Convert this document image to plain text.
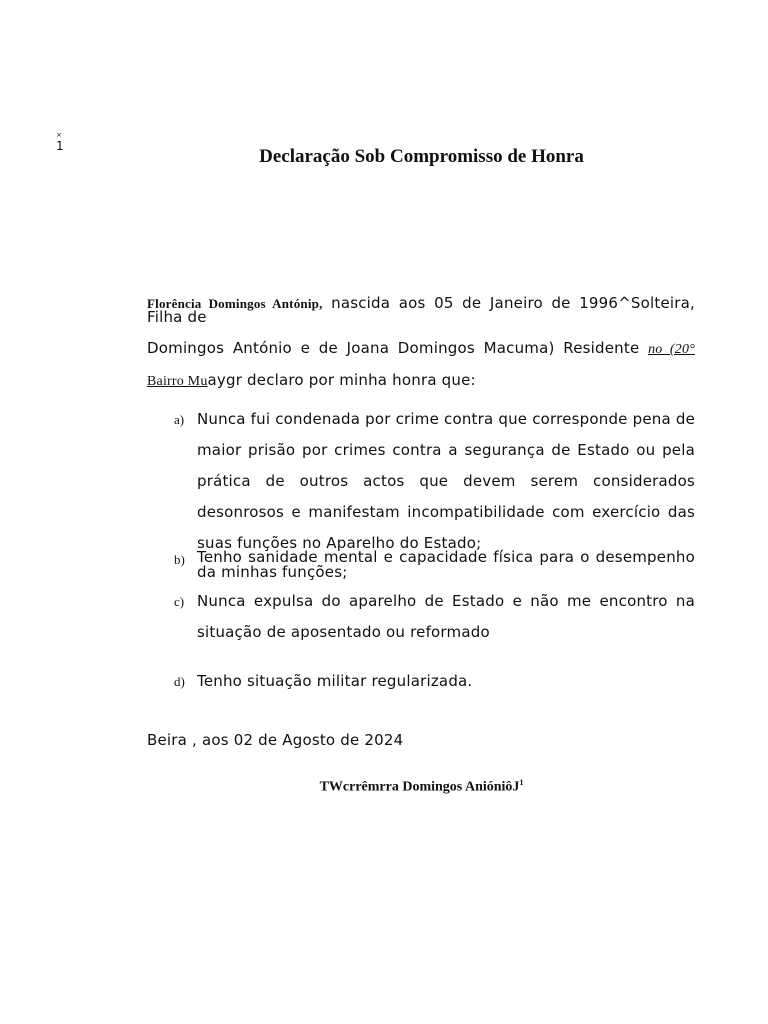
×
1	Declaração Sob Compromisso de Honra
Florência Domingos Antónip, nascida aos 05 de Janeiro de 1996^Solteira,
Filha de
Domingos António e de Joana Domingos Macuma) Residente no (20°
Bairro Muaygr declaro por minha honra que:
a) Nunca fui condenada por crime contra que corresponde pena de maior prisão por crimes contra a segurança de Estado ou pela prática de outros actos que devem serem considerados desonrosos e manifestam incompatibilidade com exercício das suas funções no Aparelho do Estado;
b) Tenho sanidade mental e capacidade física para o desempenho da minhas funções;
c) Nunca expulsa do aparelho de Estado e não me encontro na situação de aposentado ou reformado
d) Tenho situação militar regularizada.
Beira , aos 02 de Agosto de 2024
TWcrrêmrra Domingos AnióniôJ$^1$
